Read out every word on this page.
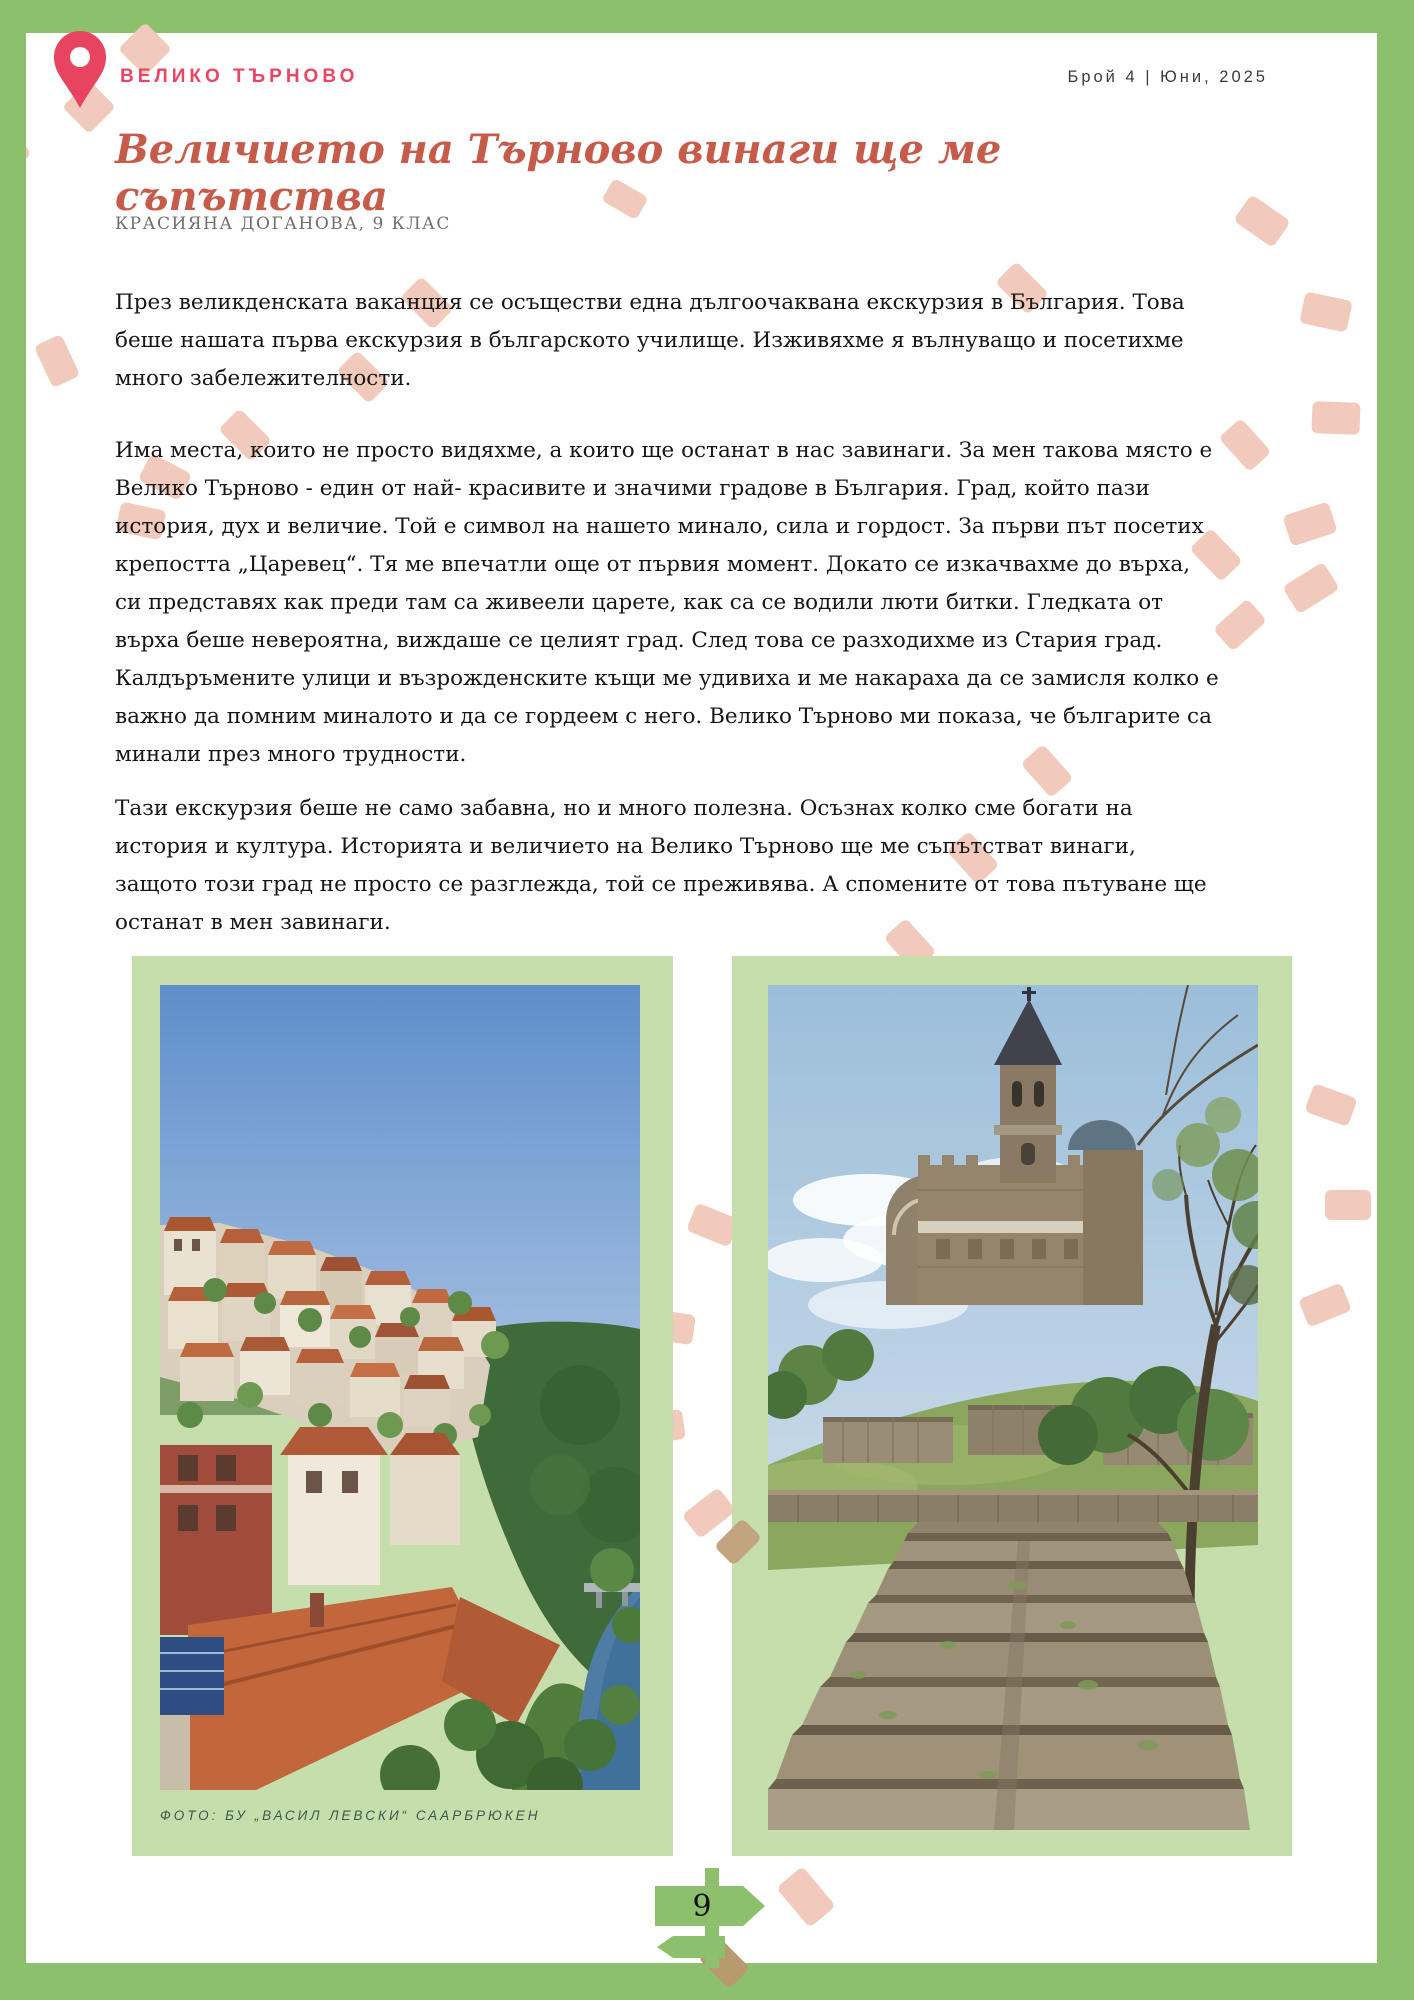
ВЕЛИКО ТЪРНОВО	Брой 4 | Юни, 2025
Величието на Търново винаги ще ме съпътства
КРАСИЯНА ДОГАНОВА, 9 КЛАС
През великденската ваканция се осъществи една дългоочаквана екскурзия в България. Това беше нашата първа екскурзия в българското училище. Изживяхме я вълнуващо и посетихме много забележителности.
Има места, които не просто видяхме, а които ще останат в нас завинаги. За мен такова място е Велико Търново - един от най- красивите и значими градове в България. Град, който пази история, дух и величие. Той е символ на нашето минало, сила и гордост. За първи път посетих крепостта „Царевец“. Тя ме впечатли още от първия момент. Докато се изкачвахме до върха, си представях как преди там са живеели царете, как са се водили люти битки. Гледката от върха беше невероятна, виждаше се целият град. След това се разходихме из Стария град. Калдъръмените улици и възрожденските къщи ме удивиха и ме накараха да се замисля колко е важно да помним миналото и да се гордеем с него. Велико Търново ми показа, че българите са минали през много трудности.
Тази екскурзия беше не само забавна, но и много полезна. Осъзнах колко сме богати на история и култура. Историята и величието на Велико Търново ще ме съпътстват винаги, защото този град не просто се разглежда, той се преживява. А спомените от това пътуване ще останат в мен завинаги.
ФОТО: БУ „ВАСИЛ ЛЕВСКИ“ СААРБРЮКЕН
9
